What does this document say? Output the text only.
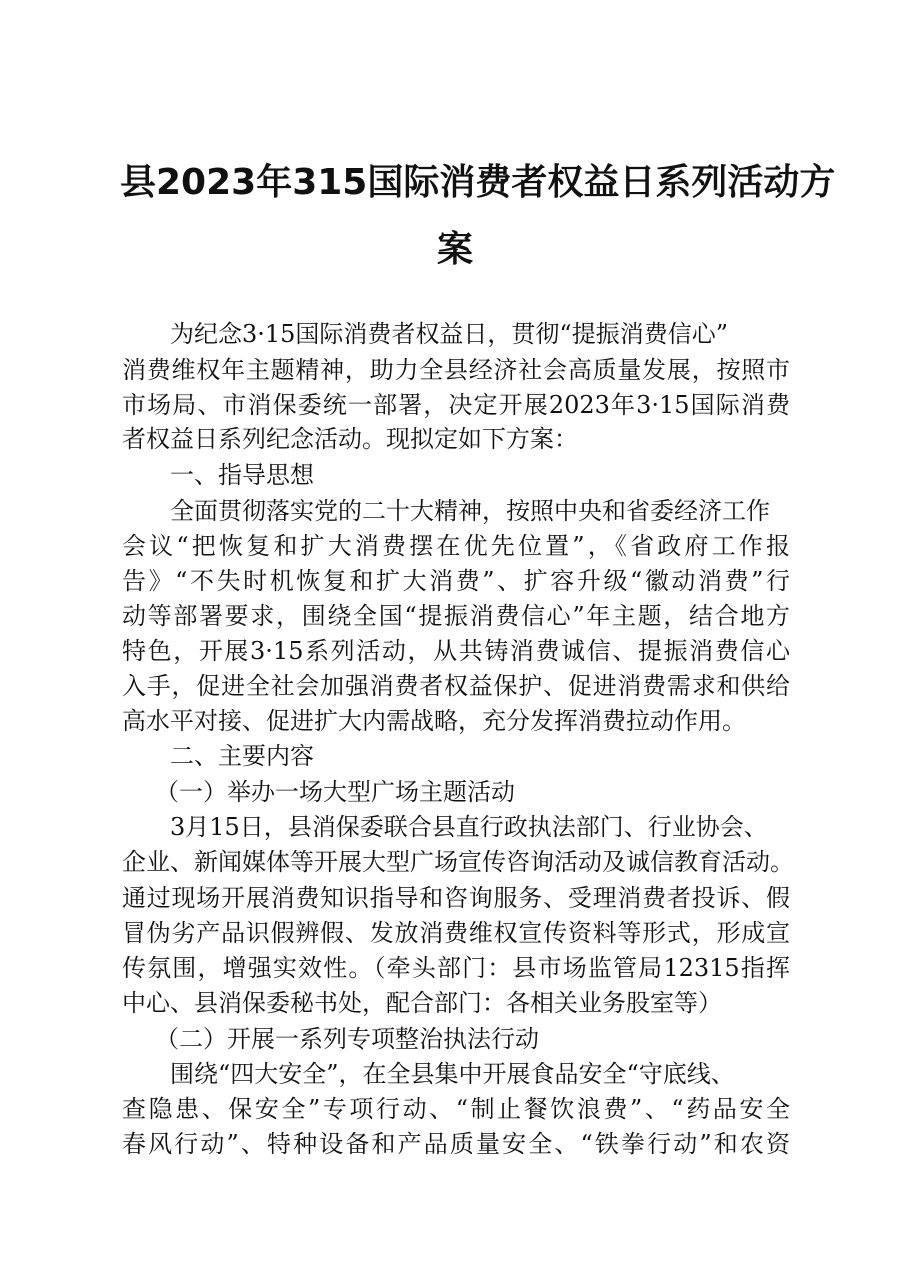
县2023年315国际消费者权益日系列活动方
案
为纪念3·15国际消费者权益日，贯彻“提振消费信心”
消费维权年主题精神，助力全县经济社会高质量发展，按照市
市场局、市消保委统一部署，决定开展2023年3·15国际消费
者权益日系列纪念活动。现拟定如下方案：
一、指导思想
全面贯彻落实党的二十大精神，按照中央和省委经济工作
会议“把恢复和扩大消费摆在优先位置”，《省政府工作报
告》“不失时机恢复和扩大消费”、扩容升级“徽动消费”行
动等部署要求，围绕全国“提振消费信心”年主题，结合地方
特色，开展3·15系列活动，从共铸消费诚信、提振消费信心
入手，促进全社会加强消费者权益保护、促进消费需求和供给
高水平对接、促进扩大内需战略，充分发挥消费拉动作用。
二、主要内容
（一）举办一场大型广场主题活动
3月15日，县消保委联合县直行政执法部门、行业协会、
企业、新闻媒体等开展大型广场宣传咨询活动及诚信教育活动。
通过现场开展消费知识指导和咨询服务、受理消费者投诉、假
冒伪劣产品识假辨假、发放消费维权宣传资料等形式，形成宣
传氛围，增强实效性。（牵头部门：县市场监管局12315指挥
中心、县消保委秘书处，配合部门：各相关业务股室等）
（二）开展一系列专项整治执法行动
围绕“四大安全”，在全县集中开展食品安全“守底线、
查隐患、保安全”专项行动、“制止餐饮浪费”、“药品安全
春风行动”、特种设备和产品质量安全、“铁拳行动”和农资
